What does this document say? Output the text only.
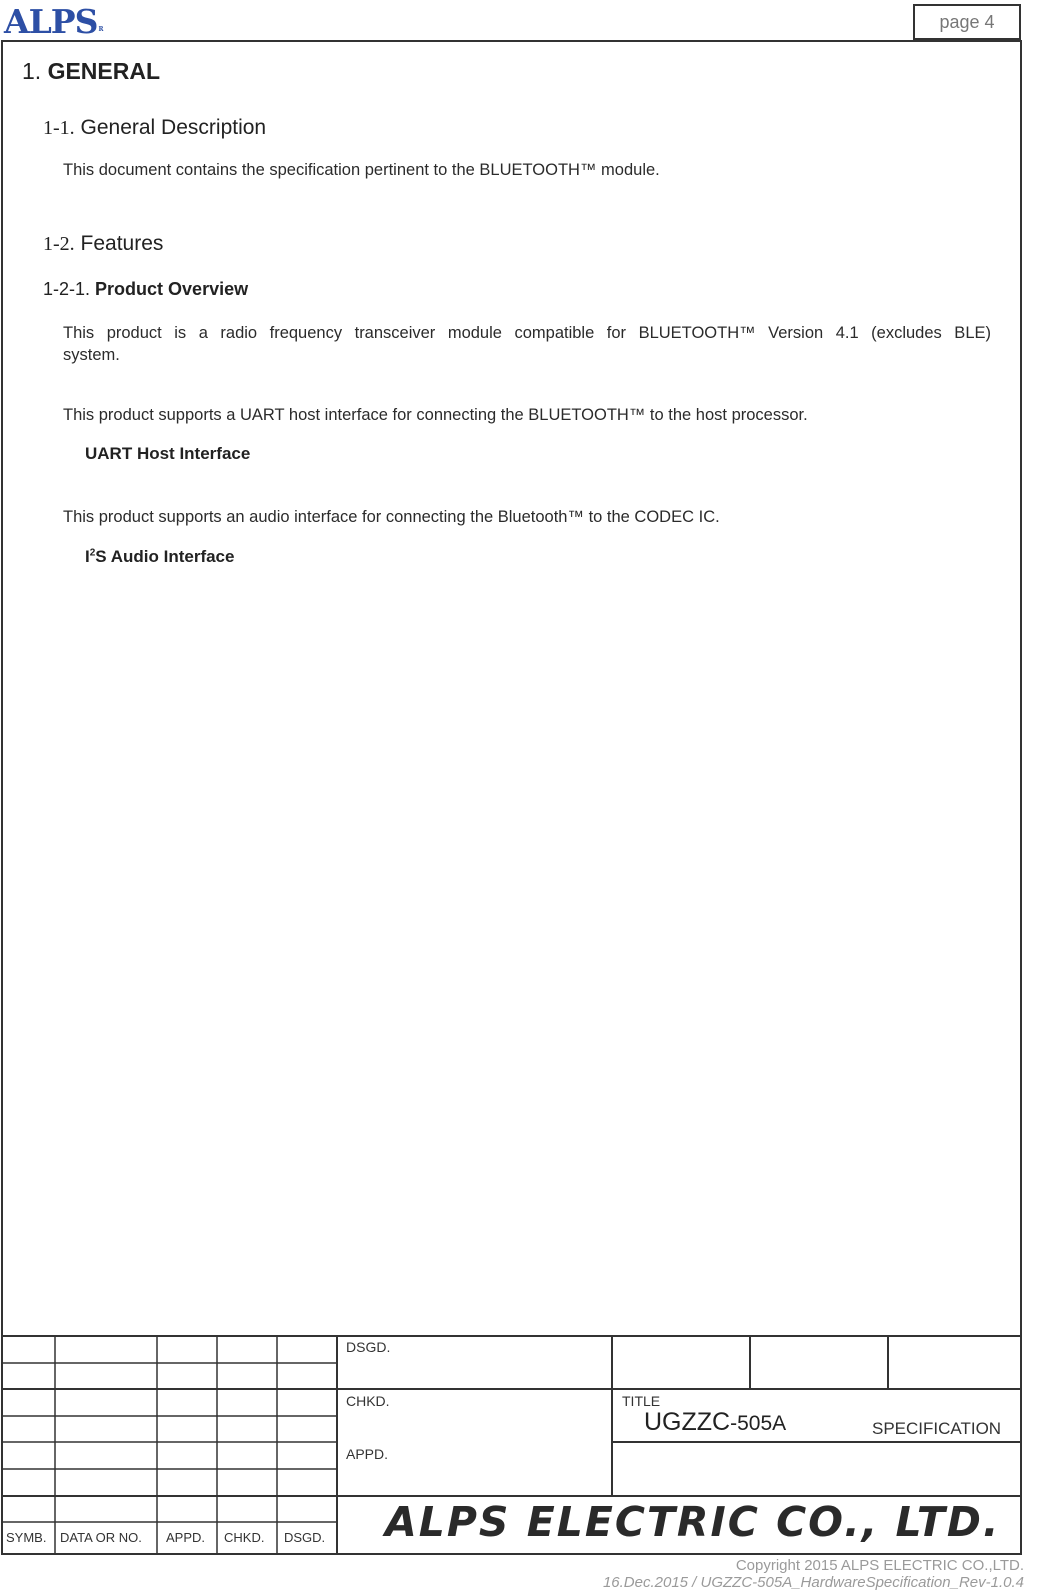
ALPSR	page 4
1. GENERAL
1-1. General Description
This document contains the specification pertinent to the BLUETOOTH™ module.
1-2. Features
1-2-1. Product Overview
This product is a radio frequency transceiver module compatible for BLUETOOTH™ Version 4.1 (excludes BLE)
system.
This product supports a UART host interface for connecting the BLUETOOTH™ to the host processor.
UART Host Interface
This product supports an audio interface for connecting the Bluetooth™ to the CODEC IC.
$I^2S$ Audio Interface
DSGD.
CHKD.
APPD.
TITLE
UGZZC-505A	SPECIFICATION
ALPS ELECTRIC CO., LTD.
SYMB. DATA OR NO. APPD. CHKD. DSGD.
Copyright 2015 ALPS ELECTRIC CO.,LTD.
16.Dec.2015 / UGZZC-505A_HardwareSpecification_Rev-1.0.4
